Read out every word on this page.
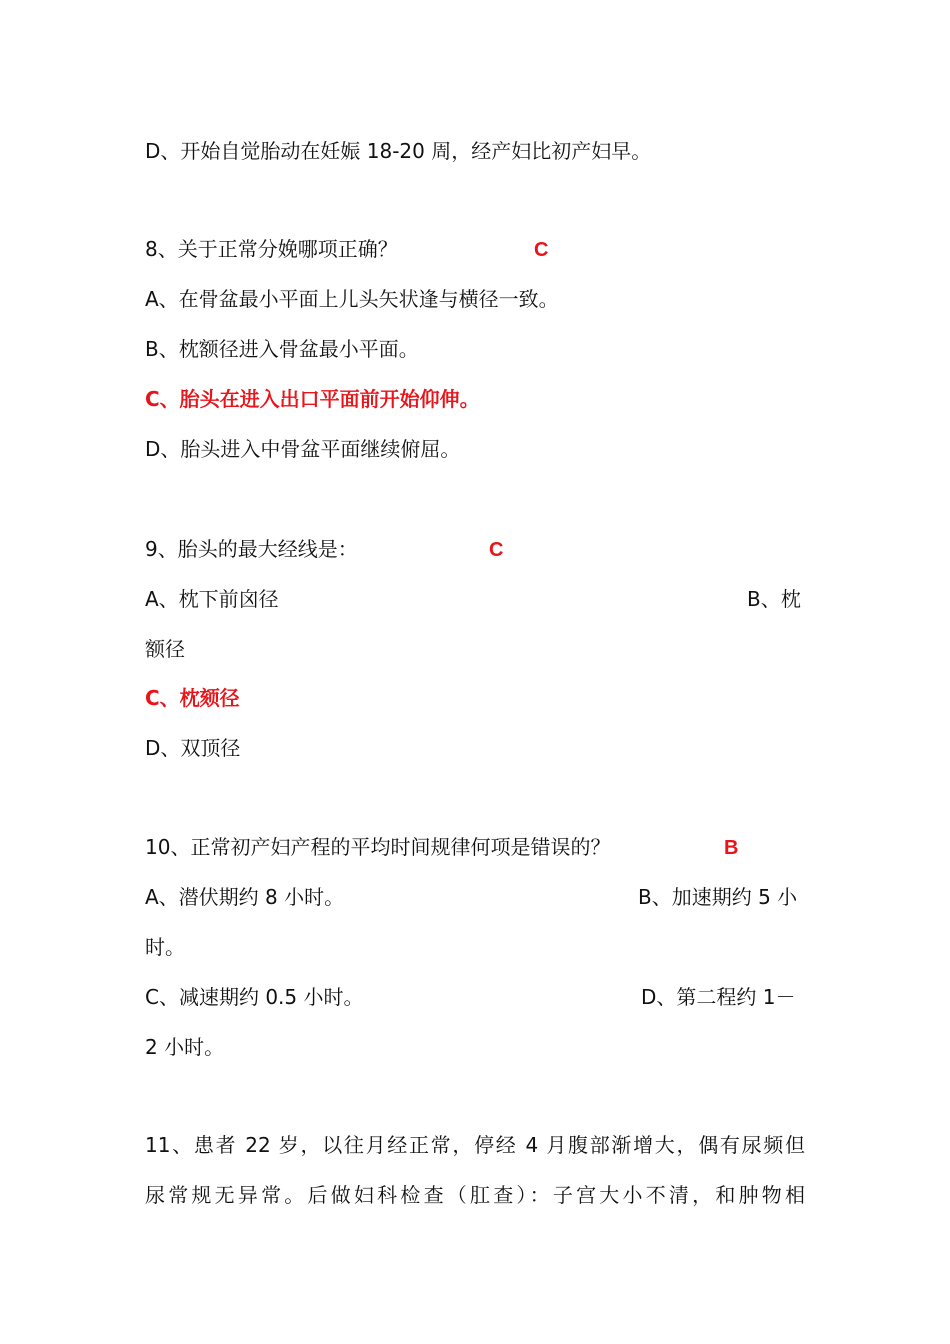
D、开始自觉胎动在妊娠 18-20 周，经产妇比初产妇早。
8、关于正常分娩哪项正确？	C
A、在骨盆最小平面上儿头矢状逢与横径一致。
B、枕额径进入骨盆最小平面。
C、胎头在进入出口平面前开始仰伸。
D、胎头进入中骨盆平面继续俯屈。
9、胎头的最大经线是：	C
A、枕下前囟径	B、枕
额径
C、枕颏径
D、双顶径
10、正常初产妇产程的平均时间规律何项是错误的？	B
A、潜伏期约 8 小时。	B、加速期约 5 小
时。
C、减速期约 0.5 小时。	D、第二程约 1－
2 小时。
11、患者 22 岁，以往月经正常，停经 4 月腹部渐增大，偶有尿频但
尿常规无异常。后做妇科检查（肛查）：子宫大小不清，和肿物相
